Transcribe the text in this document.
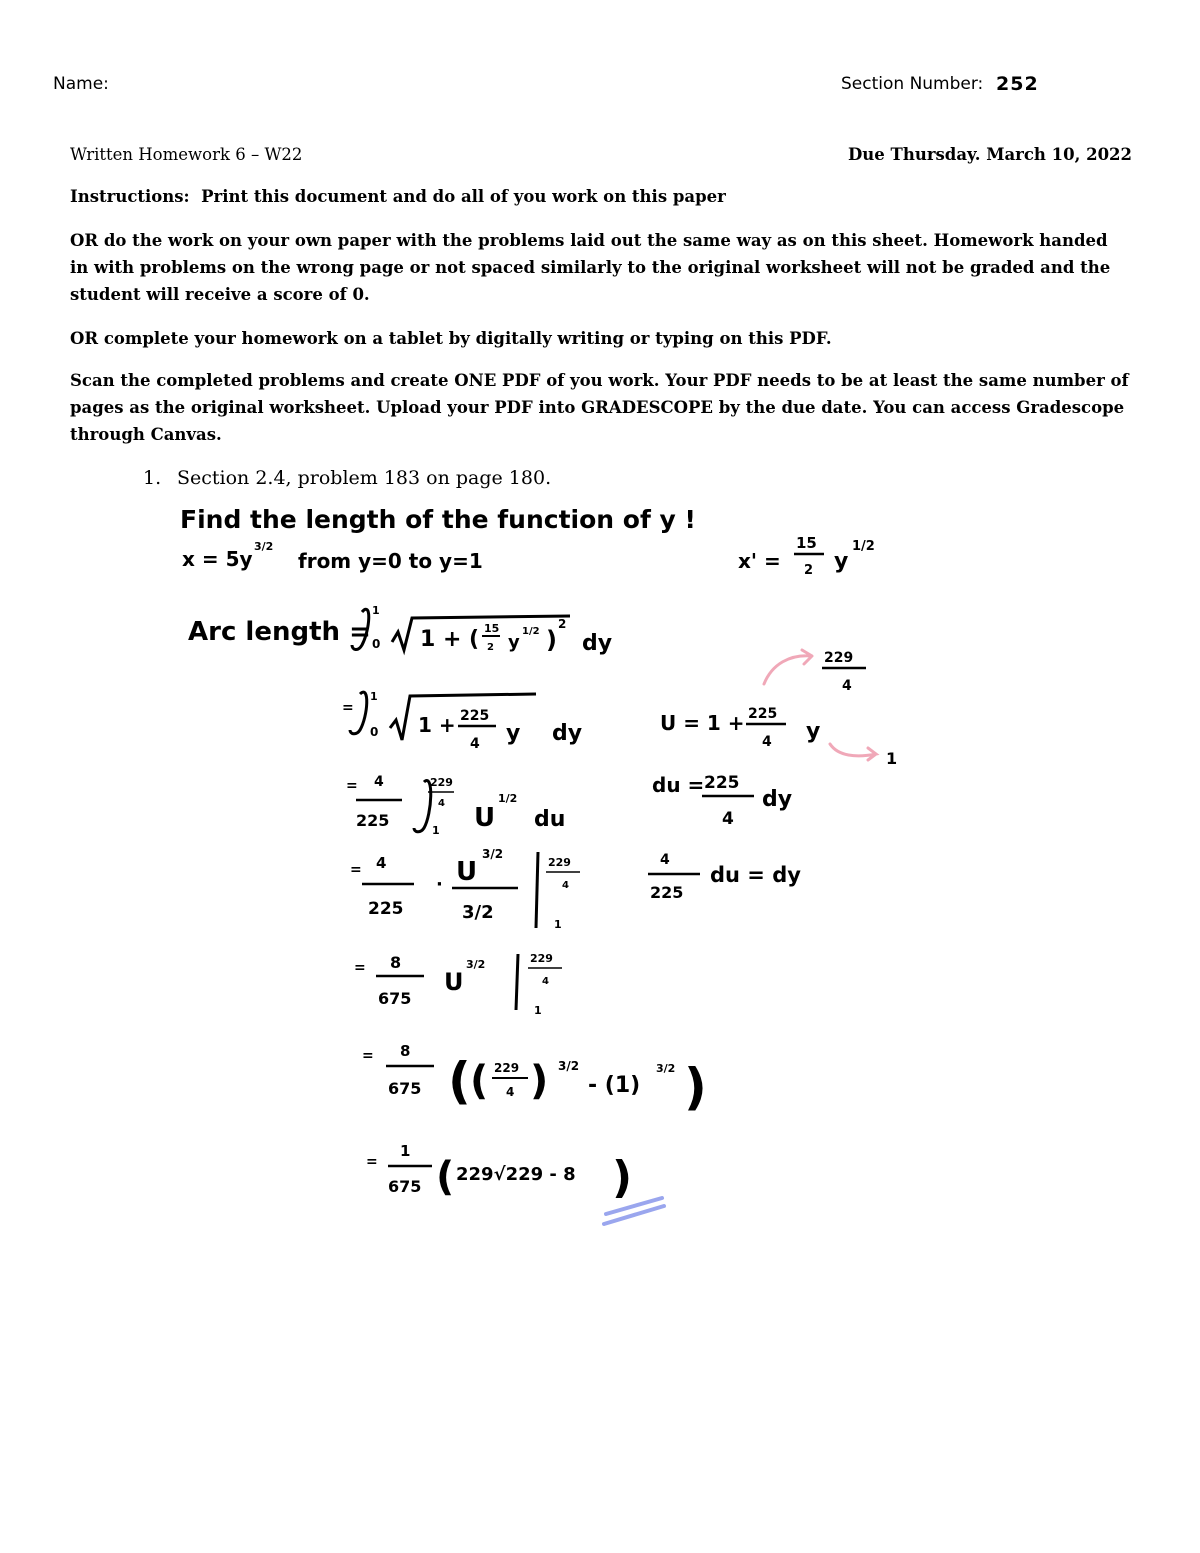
Name:	Section Number: 252
Written Homework 6 – W22	Due Thursday. March 10, 2022
Instructions: Print this document and do all of you work on this paper
OR do the work on your own paper with the problems laid out the same way as on this sheet. Homework handed
in with problems on the wrong page or not spaced similarly to the original worksheet will not be graded and the
student will receive a score of 0.
OR complete your homework on a tablet by digitally writing or typing on this PDF.
Scan the completed problems and create ONE PDF of you work. Your PDF needs to be at least the same number of
pages as the original worksheet. Upload your PDF into GRADESCOPE by the due date. You can access Gradescope
through Canvas.
1. Section 2.4, problem 183 on page 180.
Find the length of the function of y !
x = 5y
3/2
from y=0 to y=1	x' =
15
2 y
1/2
Arc length =
1
0 1 + ( 15
2 y
1/2 )
2
dy
=
1
0 1 + 225
4 y dy	U = 1 + 225
4 y
229
4
1
= 4
225
229
4
1 U
1/2
du
du = 225
4
dy
= 4
225
· U
3/2
3/2
229
4
1
4
225
du = dy
= 8
675
U
3/2	229
4
1
= 8
675 ( ( 229
4 ) 3/2
- (1)
3/2 )
=
1
675 ( 229√229 - 8 )
